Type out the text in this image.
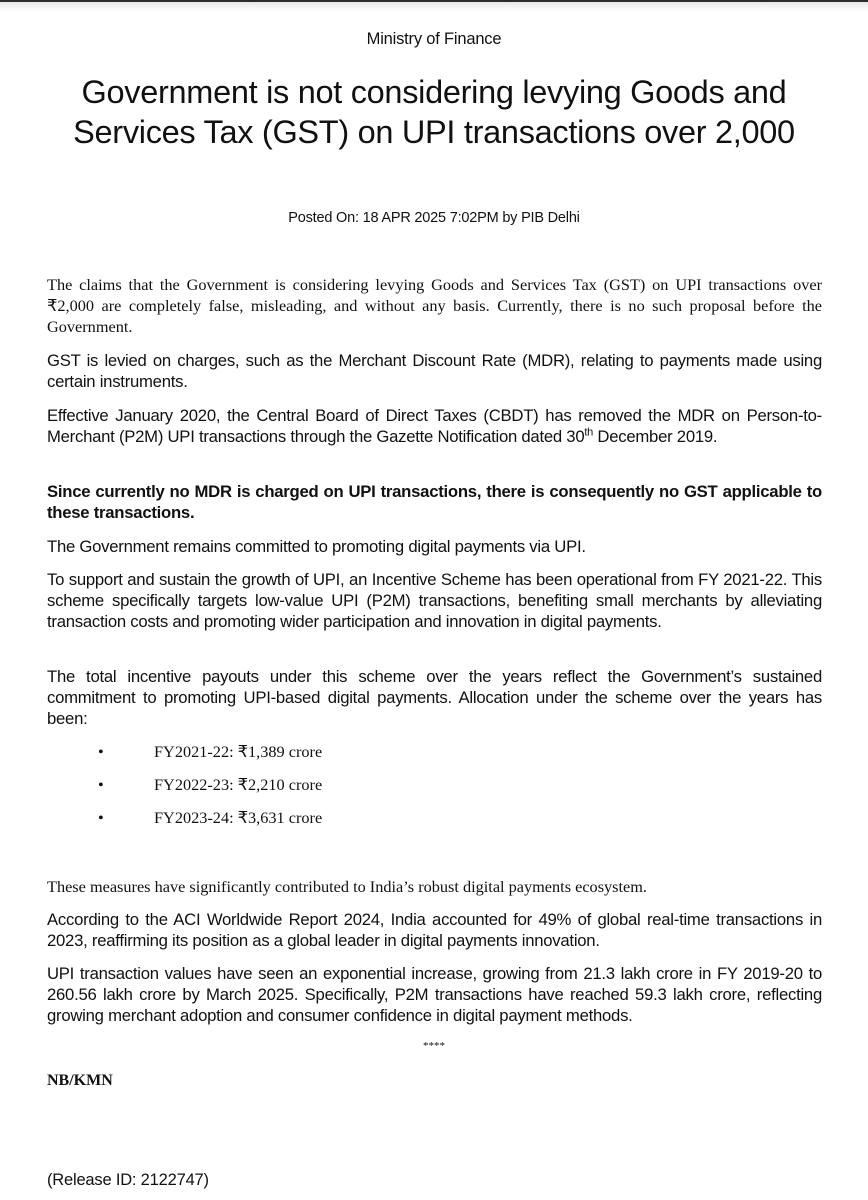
Ministry of Finance
Government is not considering levying Goods and Services Tax (GST) on UPI transactions over 2,000
Posted On: 18 APR 2025 7:02PM by PIB Delhi

The claims that the Government is considering levying Goods and Services Tax (GST) on UPI transactions over ₹2,000 are completely false, misleading, and without any basis. Currently, there is no such proposal before the Government.

GST is levied on charges, such as the Merchant Discount Rate (MDR), relating to payments made using certain instruments.

Effective January 2020, the Central Board of Direct Taxes (CBDT) has removed the MDR on Person-to-Merchant (P2M) UPI transactions through the Gazette Notification dated 30th December 2019.

Since currently no MDR is charged on UPI transactions, there is consequently no GST applicable to these transactions.

The Government remains committed to promoting digital payments via UPI.

To support and sustain the growth of UPI, an Incentive Scheme has been operational from FY 2021-22. This scheme specifically targets low-value UPI (P2M) transactions, benefiting small merchants by alleviating transaction costs and promoting wider participation and innovation in digital payments.

The total incentive payouts under this scheme over the years reflect the Government’s sustained commitment to promoting UPI-based digital payments. Allocation under the scheme over the years has been:

•	FY2021-22: ₹1,389 crore
•	FY2022-23: ₹2,210 crore
•	FY2023-24: ₹3,631 crore

These measures have significantly contributed to India’s robust digital payments ecosystem.

According to the ACI Worldwide Report 2024, India accounted for 49% of global real-time transactions in 2023, reaffirming its position as a global leader in digital payments innovation.

UPI transaction values have seen an exponential increase, growing from 21.3 lakh crore in FY 2019-20 to 260.56 lakh crore by March 2025. Specifically, P2M transactions have reached 59.3 lakh crore, reflecting growing merchant adoption and consumer confidence in digital payment methods.

****
NB/KMN
(Release ID: 2122747)
